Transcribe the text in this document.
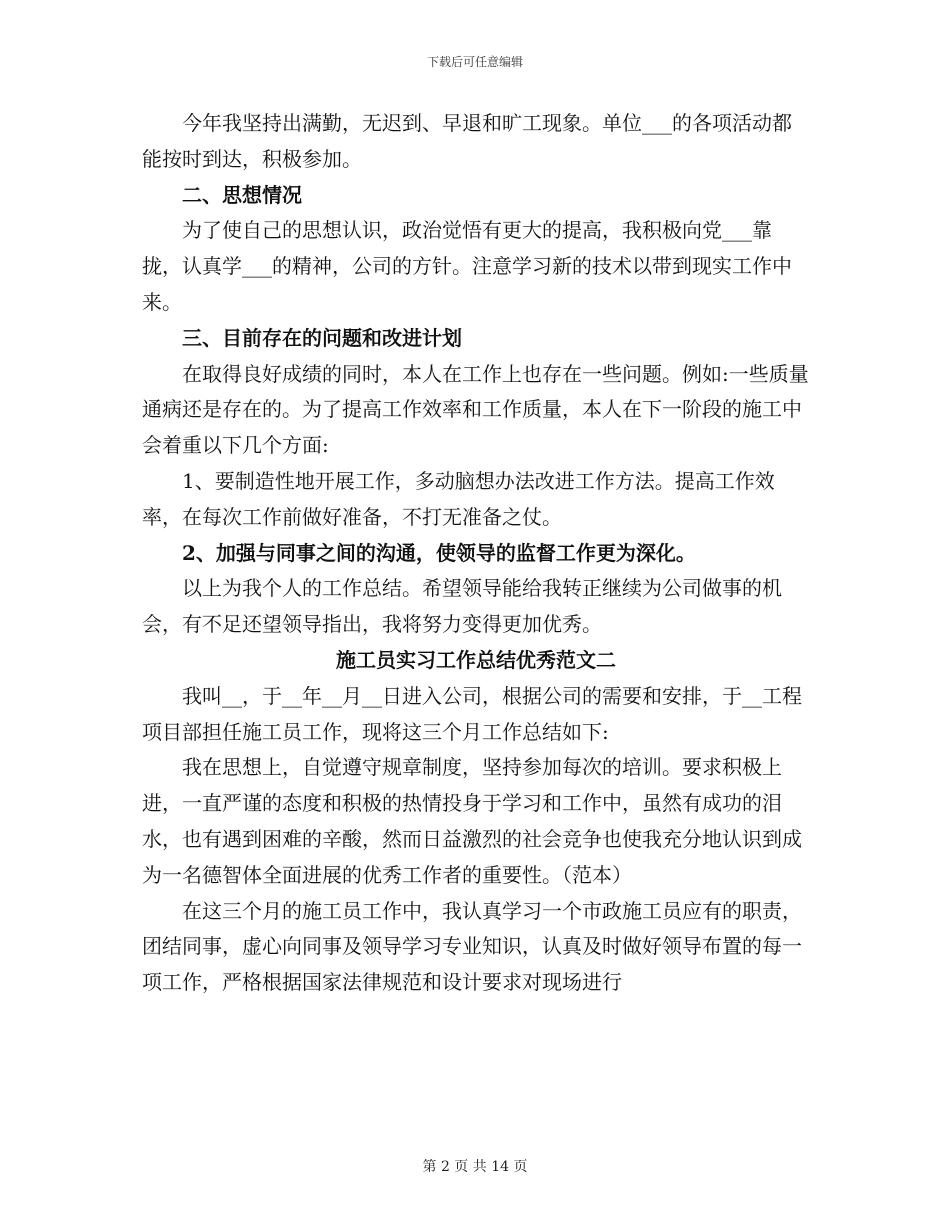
下载后可任意编辑

今年我坚持出满勤，无迟到、早退和旷工现象。单位___的各项活动都能按时到达，积极参加。

二、思想情况

为了使自己的思想认识，政治觉悟有更大的提高，我积极向党___靠拢，认真学___的精神，公司的方针。注意学习新的技术以带到现实工作中来。

三、目前存在的问题和改进计划

在取得良好成绩的同时，本人在工作上也存在一些问题。例如:一些质量通病还是存在的。为了提高工作效率和工作质量，本人在下一阶段的施工中会着重以下几个方面:

1、要制造性地开展工作，多动脑想办法改进工作方法。提高工作效率，在每次工作前做好准备，不打无准备之仗。

2、加强与同事之间的沟通，使领导的监督工作更为深化。

以上为我个人的工作总结。希望领导能给我转正继续为公司做事的机会，有不足还望领导指出，我将努力变得更加优秀。

施工员实习工作总结优秀范文二

我叫__，于__年__月__日进入公司，根据公司的需要和安排，于__工程项目部担任施工员工作，现将这三个月工作总结如下:

我在思想上，自觉遵守规章制度，坚持参加每次的培训。要求积极上进，一直严谨的态度和积极的热情投身于学习和工作中，虽然有成功的泪水，也有遇到困难的辛酸，然而日益激烈的社会竞争也使我充分地认识到成为一名德智体全面进展的优秀工作者的重要性。（范本）

在这三个月的施工员工作中，我认真学习一个市政施工员应有的职责，团结同事，虚心向同事及领导学习专业知识，认真及时做好领导布置的每一项工作，严格根据国家法律规范和设计要求对现场进行

第 2 页 共 14 页
